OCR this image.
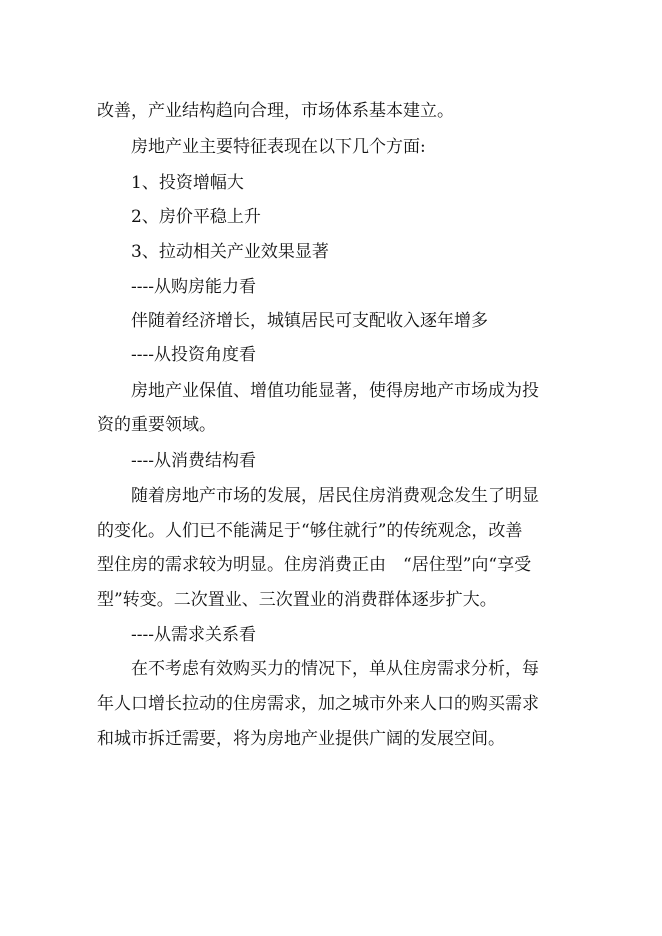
改善，产业结构趋向合理，市场体系基本建立。
房地产业主要特征表现在以下几个方面:
1、投资增幅大
2、房价平稳上升
3、拉动相关产业效果显著
----从购房能力看
伴随着经济增长，城镇居民可支配收入逐年增多
----从投资角度看
房地产业保值、增值功能显著，使得房地产市场成为投
资的重要领域。
----从消费结构看
随着房地产市场的发展，居民住房消费观念发生了明显
的变化。人们已不能满足于“够住就行”的传统观念，改善
型住房的需求较为明显。住房消费正由　“居住型”向“享受
型”转变。二次置业、三次置业的消费群体逐步扩大。
----从需求关系看
在不考虑有效购买力的情况下，单从住房需求分析，每
年人口增长拉动的住房需求，加之城市外来人口的购买需求
和城市拆迁需要，将为房地产业提供广阔的发展空间。
